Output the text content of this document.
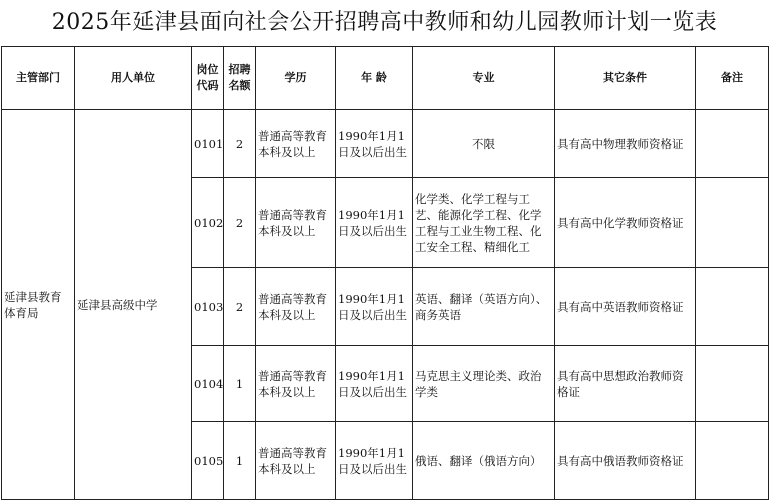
2025年延津县面向社会公开招聘高中教师和幼儿园教师计划一览表
主管部门	用人单位	岗位代码	招聘名额	学历	年 龄	专业	其它条件	备注
延津县教育体育局	延津县高级中学	0101	2	普通高等教育本科及以上	1990年1月1日及以后出生	不限	具有高中物理教师资格证	
		0102	2	普通高等教育本科及以上	1990年1月1日及以后出生	化学类、化学工程与工艺、能源化学工程、化学工程与工业生物工程、化工安全工程、精细化工	具有高中化学教师资格证	
		0103	2	普通高等教育本科及以上	1990年1月1日及以后出生	英语、翻译（英语方向）、商务英语	具有高中英语教师资格证	
		0104	1	普通高等教育本科及以上	1990年1月1日及以后出生	马克思主义理论类、政治学类	具有高中思想政治教师资格证	
		0105	1	普通高等教育本科及以上	1990年1月1日及以后出生	俄语、翻译（俄语方向）	具有高中俄语教师资格证	
